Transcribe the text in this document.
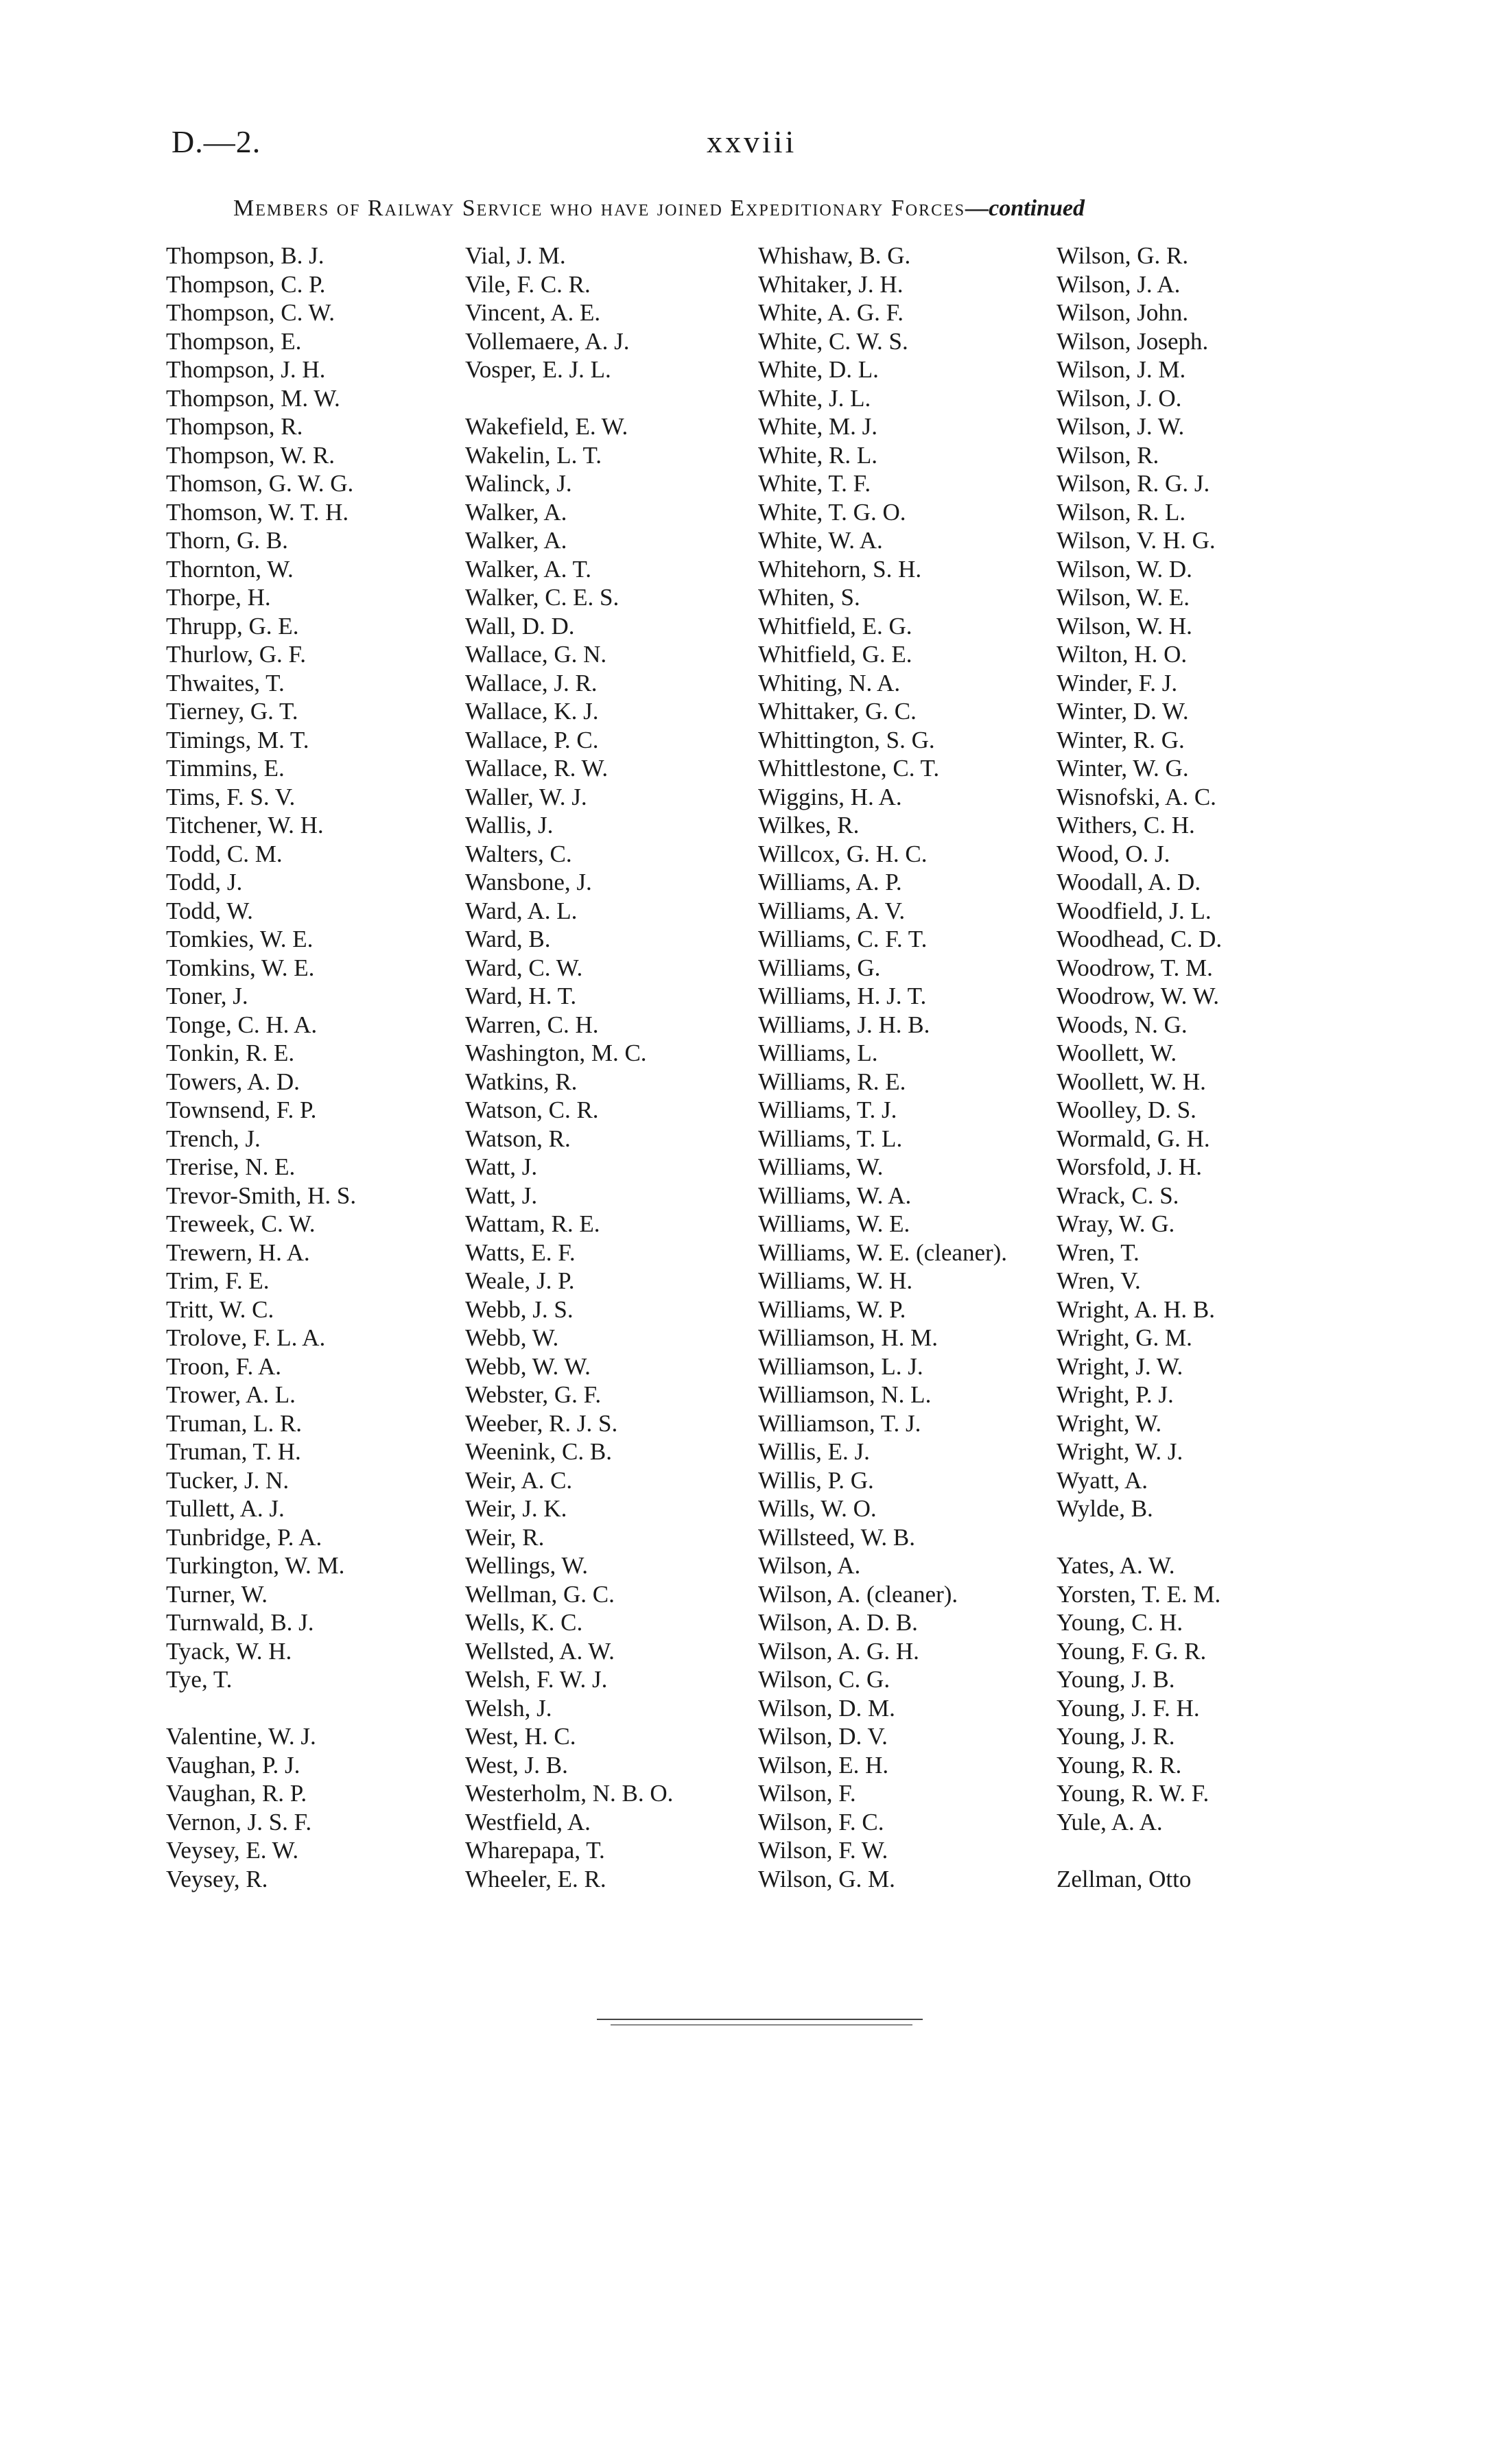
D.—2.	xxviii
Members of Railway Service who have joined Expeditionary Forces—continued
Thompson, B. J.
Thompson, C. P.
Thompson, C. W.
Thompson, E.
Thompson, J. H.
Thompson, M. W.
Thompson, R.
Thompson, W. R.
Thomson, G. W. G.
Thomson, W. T. H.
Thorn, G. B.
Thornton, W.
Thorpe, H.
Thrupp, G. E.
Thurlow, G. F.
Thwaites, T.
Tierney, G. T.
Timings, M. T.
Timmins, E.
Tims, F. S. V.
Titchener, W. H.
Todd, C. M.
Todd, J.
Todd, W.
Tomkies, W. E.
Tomkins, W. E.
Toner, J.
Tonge, C. H. A.
Tonkin, R. E.
Towers, A. D.
Townsend, F. P.
Trench, J.
Trerise, N. E.
Trevor-Smith, H. S.
Treweek, C. W.
Trewern, H. A.
Trim, F. E.
Tritt, W. C.
Trolove, F. L. A.
Troon, F. A.
Trower, A. L.
Truman, L. R.
Truman, T. H.
Tucker, J. N.
Tullett, A. J.
Tunbridge, P. A.
Turkington, W. M.
Turner, W.
Turnwald, B. J.
Tyack, W. H.
Tye, T.
Valentine, W. J.
Vaughan, P. J.
Vaughan, R. P.
Vernon, J. S. F.
Veysey, E. W.
Veysey, R.
Vial, J. M.
Vile, F. C. R.
Vincent, A. E.
Vollemaere, A. J.
Vosper, E. J. L.
Wakefield, E. W.
Wakelin, L. T.
Walinck, J.
Walker, A.
Walker, A.
Walker, A. T.
Walker, C. E. S.
Wall, D. D.
Wallace, G. N.
Wallace, J. R.
Wallace, K. J.
Wallace, P. C.
Wallace, R. W.
Waller, W. J.
Wallis, J.
Walters, C.
Wansbone, J.
Ward, A. L.
Ward, B.
Ward, C. W.
Ward, H. T.
Warren, C. H.
Washington, M. C.
Watkins, R.
Watson, C. R.
Watson, R.
Watt, J.
Watt, J.
Wattam, R. E.
Watts, E. F.
Weale, J. P.
Webb, J. S.
Webb, W.
Webb, W. W.
Webster, G. F.
Weeber, R. J. S.
Weenink, C. B.
Weir, A. C.
Weir, J. K.
Weir, R.
Wellings, W.
Wellman, G. C.
Wells, K. C.
Wellsted, A. W.
Welsh, F. W. J.
Welsh, J.
West, H. C.
West, J. B.
Westerholm, N. B. O.
Westfield, A.
Wharepapa, T.
Wheeler, E. R.
Whishaw, B. G.
Whitaker, J. H.
White, A. G. F.
White, C. W. S.
White, D. L.
White, J. L.
White, M. J.
White, R. L.
White, T. F.
White, T. G. O.
White, W. A.
Whitehorn, S. H.
Whiten, S.
Whitfield, E. G.
Whitfield, G. E.
Whiting, N. A.
Whittaker, G. C.
Whittington, S. G.
Whittlestone, C. T.
Wiggins, H. A.
Wilkes, R.
Willcox, G. H. C.
Williams, A. P.
Williams, A. V.
Williams, C. F. T.
Williams, G.
Williams, H. J. T.
Williams, J. H. B.
Williams, L.
Williams, R. E.
Williams, T. J.
Williams, T. L.
Williams, W.
Williams, W. A.
Williams, W. E.
Williams, W. E. (cleaner).
Williams, W. H.
Williams, W. P.
Williamson, H. M.
Williamson, L. J.
Williamson, N. L.
Williamson, T. J.
Willis, E. J.
Willis, P. G.
Wills, W. O.
Willsteed, W. B.
Wilson, A.
Wilson, A. (cleaner).
Wilson, A. D. B.
Wilson, A. G. H.
Wilson, C. G.
Wilson, D. M.
Wilson, D. V.
Wilson, E. H.
Wilson, F.
Wilson, F. C.
Wilson, F. W.
Wilson, G. M.
Wilson, G. R.
Wilson, J. A.
Wilson, John.
Wilson, Joseph.
Wilson, J. M.
Wilson, J. O.
Wilson, J. W.
Wilson, R.
Wilson, R. G. J.
Wilson, R. L.
Wilson, V. H. G.
Wilson, W. D.
Wilson, W. E.
Wilson, W. H.
Wilton, H. O.
Winder, F. J.
Winter, D. W.
Winter, R. G.
Winter, W. G.
Wisnofski, A. C.
Withers, C. H.
Wood, O. J.
Woodall, A. D.
Woodfield, J. L.
Woodhead, C. D.
Woodrow, T. M.
Woodrow, W. W.
Woods, N. G.
Woollett, W.
Woollett, W. H.
Woolley, D. S.
Wormald, G. H.
Worsfold, J. H.
Wrack, C. S.
Wray, W. G.
Wren, T.
Wren, V.
Wright, A. H. B.
Wright, G. M.
Wright, J. W.
Wright, P. J.
Wright, W.
Wright, W. J.
Wyatt, A.
Wylde, B.
Yates, A. W.
Yorsten, T. E. M.
Young, C. H.
Young, F. G. R.
Young, J. B.
Young, J. F. H.
Young, J. R.
Young, R. R.
Young, R. W. F.
Yule, A. A.
Zellman, Otto
